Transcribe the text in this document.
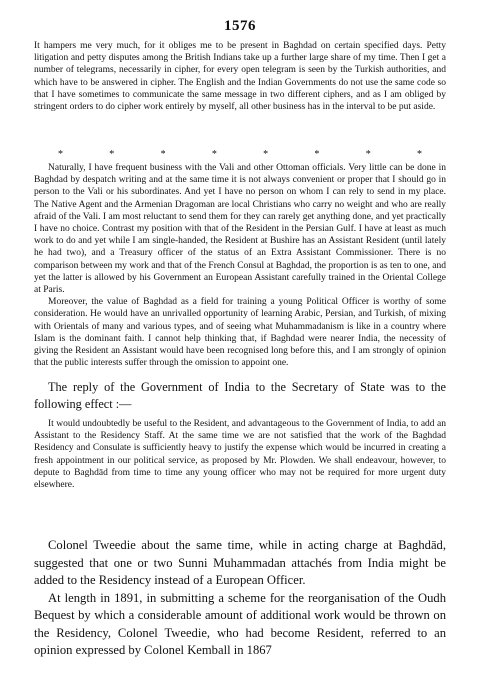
1576

It hampers me very much, for it obliges me to be present in Baghdad on certain specified days. Petty litigation and petty disputes among the British Indians take up a further large share of my time. Then I get a number of telegrams, necessarily in cipher, for every open telegram is seen by the Turkish authorities, and which have to be answered in cipher. The English and the Indian Governments do not use the same code so that I have sometimes to communicate the same message in two different ciphers, and as I am obliged by stringent orders to do cipher work entirely by myself, all other business has in the interval to be put aside.

*	*	*	*	*	*	*	*

Naturally, I have frequent business with the Vali and other Ottoman officials. Very little can be done in Baghdad by despatch writing and at the same time it is not always convenient or proper that I should go in person to the Vali or his subordinates. And yet I have no person on whom I can rely to send in my place. The Native Agent and the Armenian Dragoman are local Christians who carry no weight and who are really afraid of the Vali. I am most reluctant to send them for they can rarely get anything done, and yet practically I have no choice. Contrast my position with that of the Resident in the Persian Gulf. I have at least as much work to do and yet while I am single-handed, the Resident at Bushire has an Assistant Resident (until lately he had two), and a Treasury officer of the status of an Extra Assistant Commissioner. There is no comparison between my work and that of the French Consul at Baghdad, the proportion is as ten to one, and yet the latter is allowed by his Government an European Assistant carefully trained in the Oriental College at Paris.

Moreover, the value of Baghdad as a field for training a young Political Officer is worthy of some consideration. He would have an unrivalled opportunity of learning Arabic, Persian, and Turkish, of mixing with Orientals of many and various types, and of seeing what Muhammadanism is like in a country where Islam is the dominant faith. I cannot help thinking that, if Baghdad were nearer India, the necessity of giving the Resident an Assistant would have been recognised long before this, and I am strongly of opinion that the public interests suffer through the omission to appoint one.

The reply of the Government of India to the Secretary of State was to the following effect :—

It would undoubtedly be useful to the Resident, and advantageous to the Government of India, to add an Assistant to the Residency Staff. At the same time we are not satisfied that the work of the Baghdad Residency and Consulate is sufficiently heavy to justify the expense which would be incurred in creating a fresh appointment in our political service, as proposed by Mr. Plowden. We shall endeavour, however, to depute to Baghdād from time to time any young officer who may not be required for more urgent duty elsewhere.

Colonel Tweedie about the same time, while in acting charge at Baghdād, suggested that one or two Sunni Muhammadan attachés from India might be added to the Residency instead of a European Officer.

At length in 1891, in submitting a scheme for the reorganisation of the Oudh Bequest by which a considerable amount of additional work would be thrown on the Residency, Colonel Tweedie, who had become Resident, referred to an opinion expressed by Colonel Kemball in 1867
